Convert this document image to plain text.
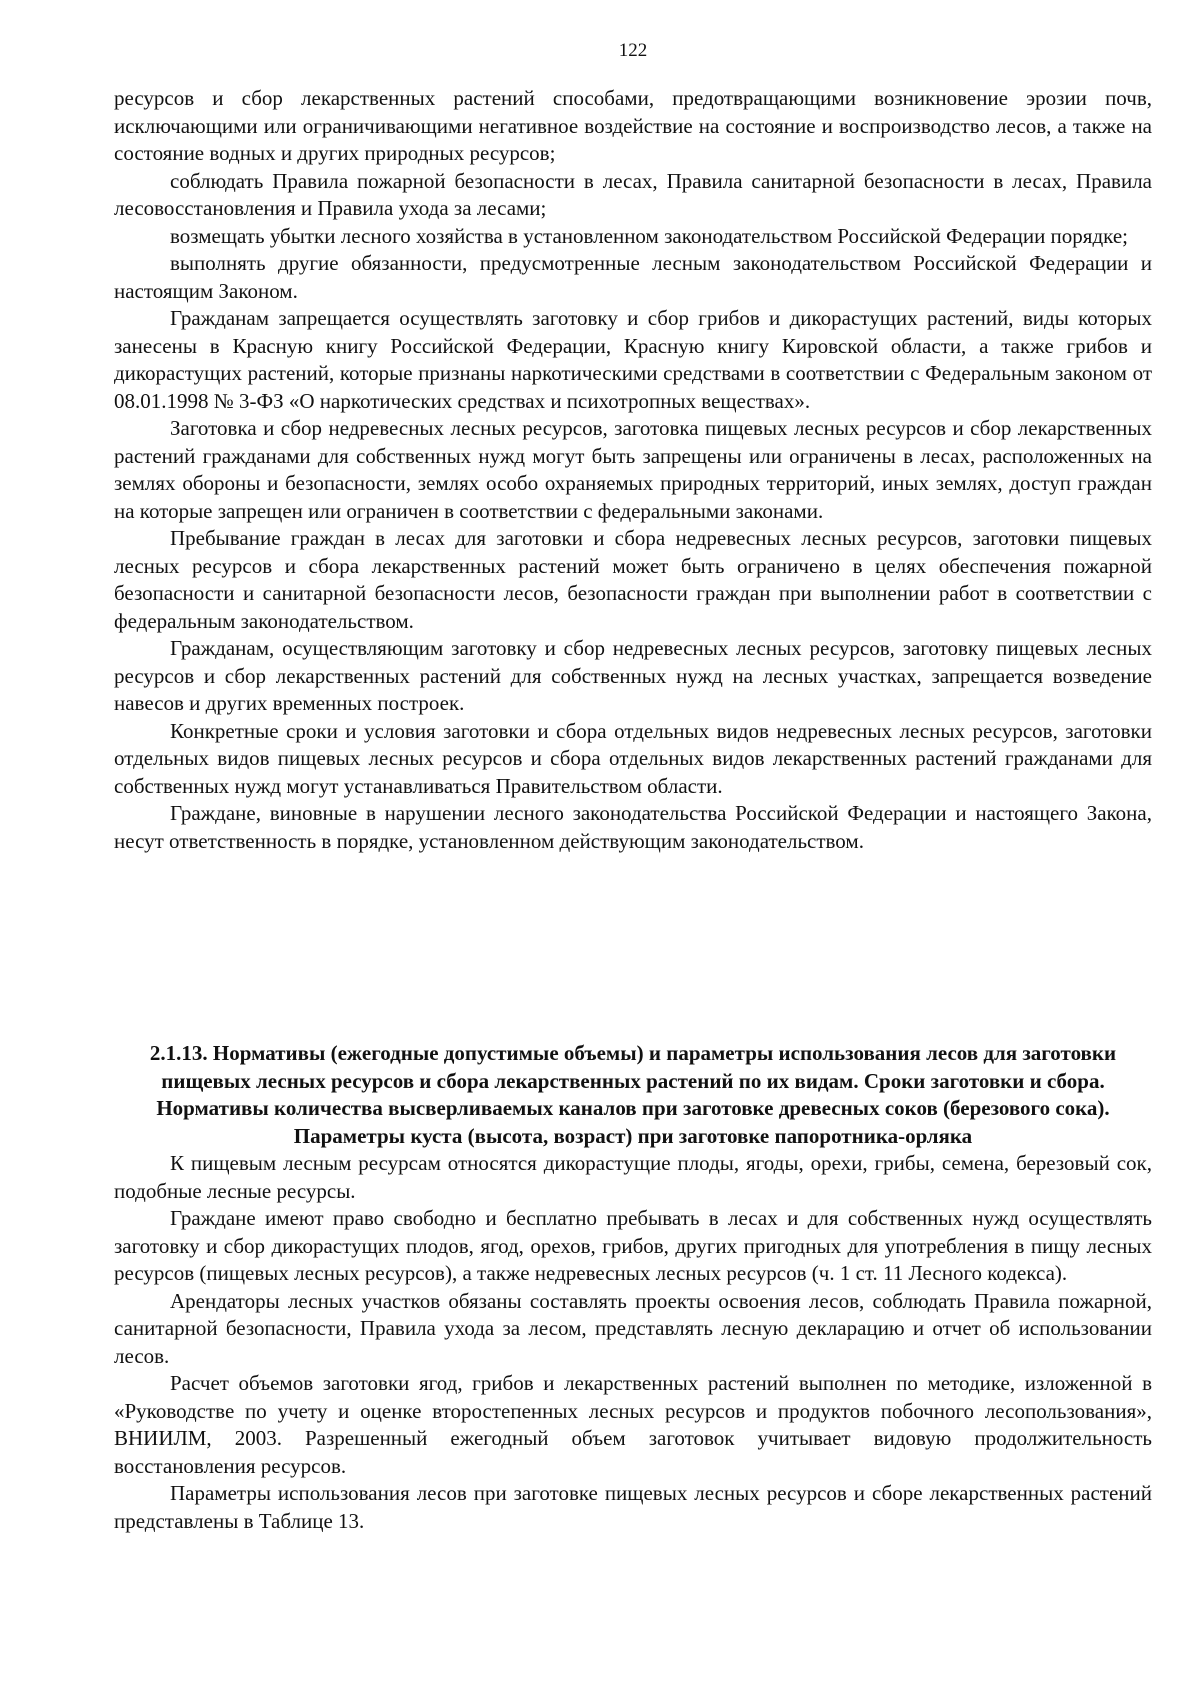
122

ресурсов и сбор лекарственных растений способами, предотвращающими возникновение эрозии почв, исключающими или ограничивающими негативное воздействие на состояние и воспроизводство лесов, а также на состояние водных и других природных ресурсов;

соблюдать Правила пожарной безопасности в лесах, Правила санитарной безопасности в лесах, Правила лесовосстановления и Правила ухода за лесами;

возмещать убытки лесного хозяйства в установленном законодательством Российской Федерации порядке;

выполнять другие обязанности, предусмотренные лесным законодательством Российской Федерации и настоящим Законом.

Гражданам запрещается осуществлять заготовку и сбор грибов и дикорастущих растений, виды которых занесены в Красную книгу Российской Федерации, Красную книгу Кировской области, а также грибов и дикорастущих растений, которые признаны наркотическими средствами в соответствии с Федеральным законом от 08.01.1998 № 3-ФЗ «О наркотических средствах и психотропных веществах».

Заготовка и сбор недревесных лесных ресурсов, заготовка пищевых лесных ресурсов и сбор лекарственных растений гражданами для собственных нужд могут быть запрещены или ограничены в лесах, расположенных на землях обороны и безопасности, землях особо охраняемых природных территорий, иных землях, доступ граждан на которые запрещен или ограничен в соответствии с федеральными законами.

Пребывание граждан в лесах для заготовки и сбора недревесных лесных ресурсов, заготовки пищевых лесных ресурсов и сбора лекарственных растений может быть ограничено в целях обеспечения пожарной безопасности и санитарной безопасности лесов, безопасности граждан при выполнении работ в соответствии с федеральным законодательством.

Гражданам, осуществляющим заготовку и сбор недревесных лесных ресурсов, заготовку пищевых лесных ресурсов и сбор лекарственных растений для собственных нужд на лесных участках, запрещается возведение навесов и других временных построек.

Конкретные сроки и условия заготовки и сбора отдельных видов недревесных лесных ресурсов, заготовки отдельных видов пищевых лесных ресурсов и сбора отдельных видов лекарственных растений гражданами для собственных нужд могут устанавливаться Правительством области.

Граждане, виновные в нарушении лесного законодательства Российской Федерации и настоящего Закона, несут ответственность в порядке, установленном действующим законодательством.

2.1.13. Нормативы (ежегодные допустимые объемы) и параметры использования лесов для заготовки пищевых лесных ресурсов и сбора лекарственных растений по их видам. Сроки заготовки и сбора. Нормативы количества высверливаемых каналов при заготовке древесных соков (березового сока). Параметры куста (высота, возраст) при заготовке папоротника-орляка

К пищевым лесным ресурсам относятся дикорастущие плоды, ягоды, орехи, грибы, семена, березовый сок, подобные лесные ресурсы.

Граждане имеют право свободно и бесплатно пребывать в лесах и для собственных нужд осуществлять заготовку и сбор дикорастущих плодов, ягод, орехов, грибов, других пригодных для употребления в пищу лесных ресурсов (пищевых лесных ресурсов), а также недревесных лесных ресурсов (ч. 1 ст. 11 Лесного кодекса).

Арендаторы лесных участков обязаны составлять проекты освоения лесов, соблюдать Правила пожарной, санитарной безопасности, Правила ухода за лесом, представлять лесную декларацию и отчет об использовании лесов.

Расчет объемов заготовки ягод, грибов и лекарственных растений выполнен по методике, изложенной в «Руководстве по учету и оценке второстепенных лесных ресурсов и продуктов побочного лесопользования», ВНИИЛМ, 2003. Разрешенный ежегодный объем заготовок учитывает видовую продолжительность восстановления ресурсов.

Параметры использования лесов при заготовке пищевых лесных ресурсов и сборе лекарственных растений представлены в Таблице 13.
